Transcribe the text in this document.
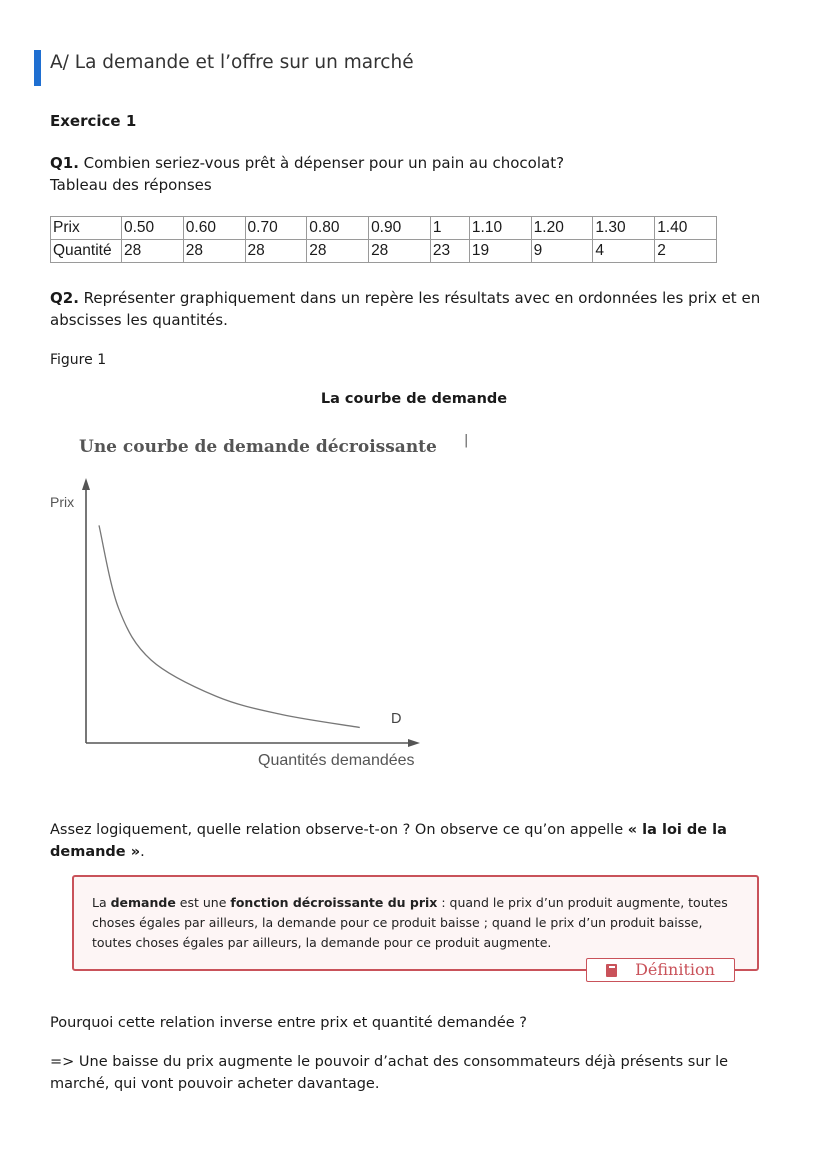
A/ La demande et l’offre sur un marché
Exercice 1
Q1. Combien seriez-vous prêt à dépenser pour un pain au chocolat?
Tableau des réponses
Prix	0.50	0.60	0.70	0.80	0.90	1	1.10	1.20	1.30	1.40
Quantité	28	28	28	28	28	23	19	9	4	2
Q2. Représenter graphiquement dans un repère les résultats avec en ordonnées les prix et en abscisses les quantités.
Figure 1
La courbe de demande
Une courbe de demande décroissante |
Prix
Quantités demandées
D
Assez logiquement, quelle relation observe-t-on ? On observe ce qu’on appelle « la loi de la demande ».
La demande est une fonction décroissante du prix : quand le prix d’un produit augmente, toutes choses égales par ailleurs, la demande pour ce produit baisse ; quand le prix d’un produit baisse, toutes choses égales par ailleurs, la demande pour ce produit augmente.
Définition
Pourquoi cette relation inverse entre prix et quantité demandée ?
=> Une baisse du prix augmente le pouvoir d’achat des consommateurs déjà présents sur le marché, qui vont pouvoir acheter davantage.
